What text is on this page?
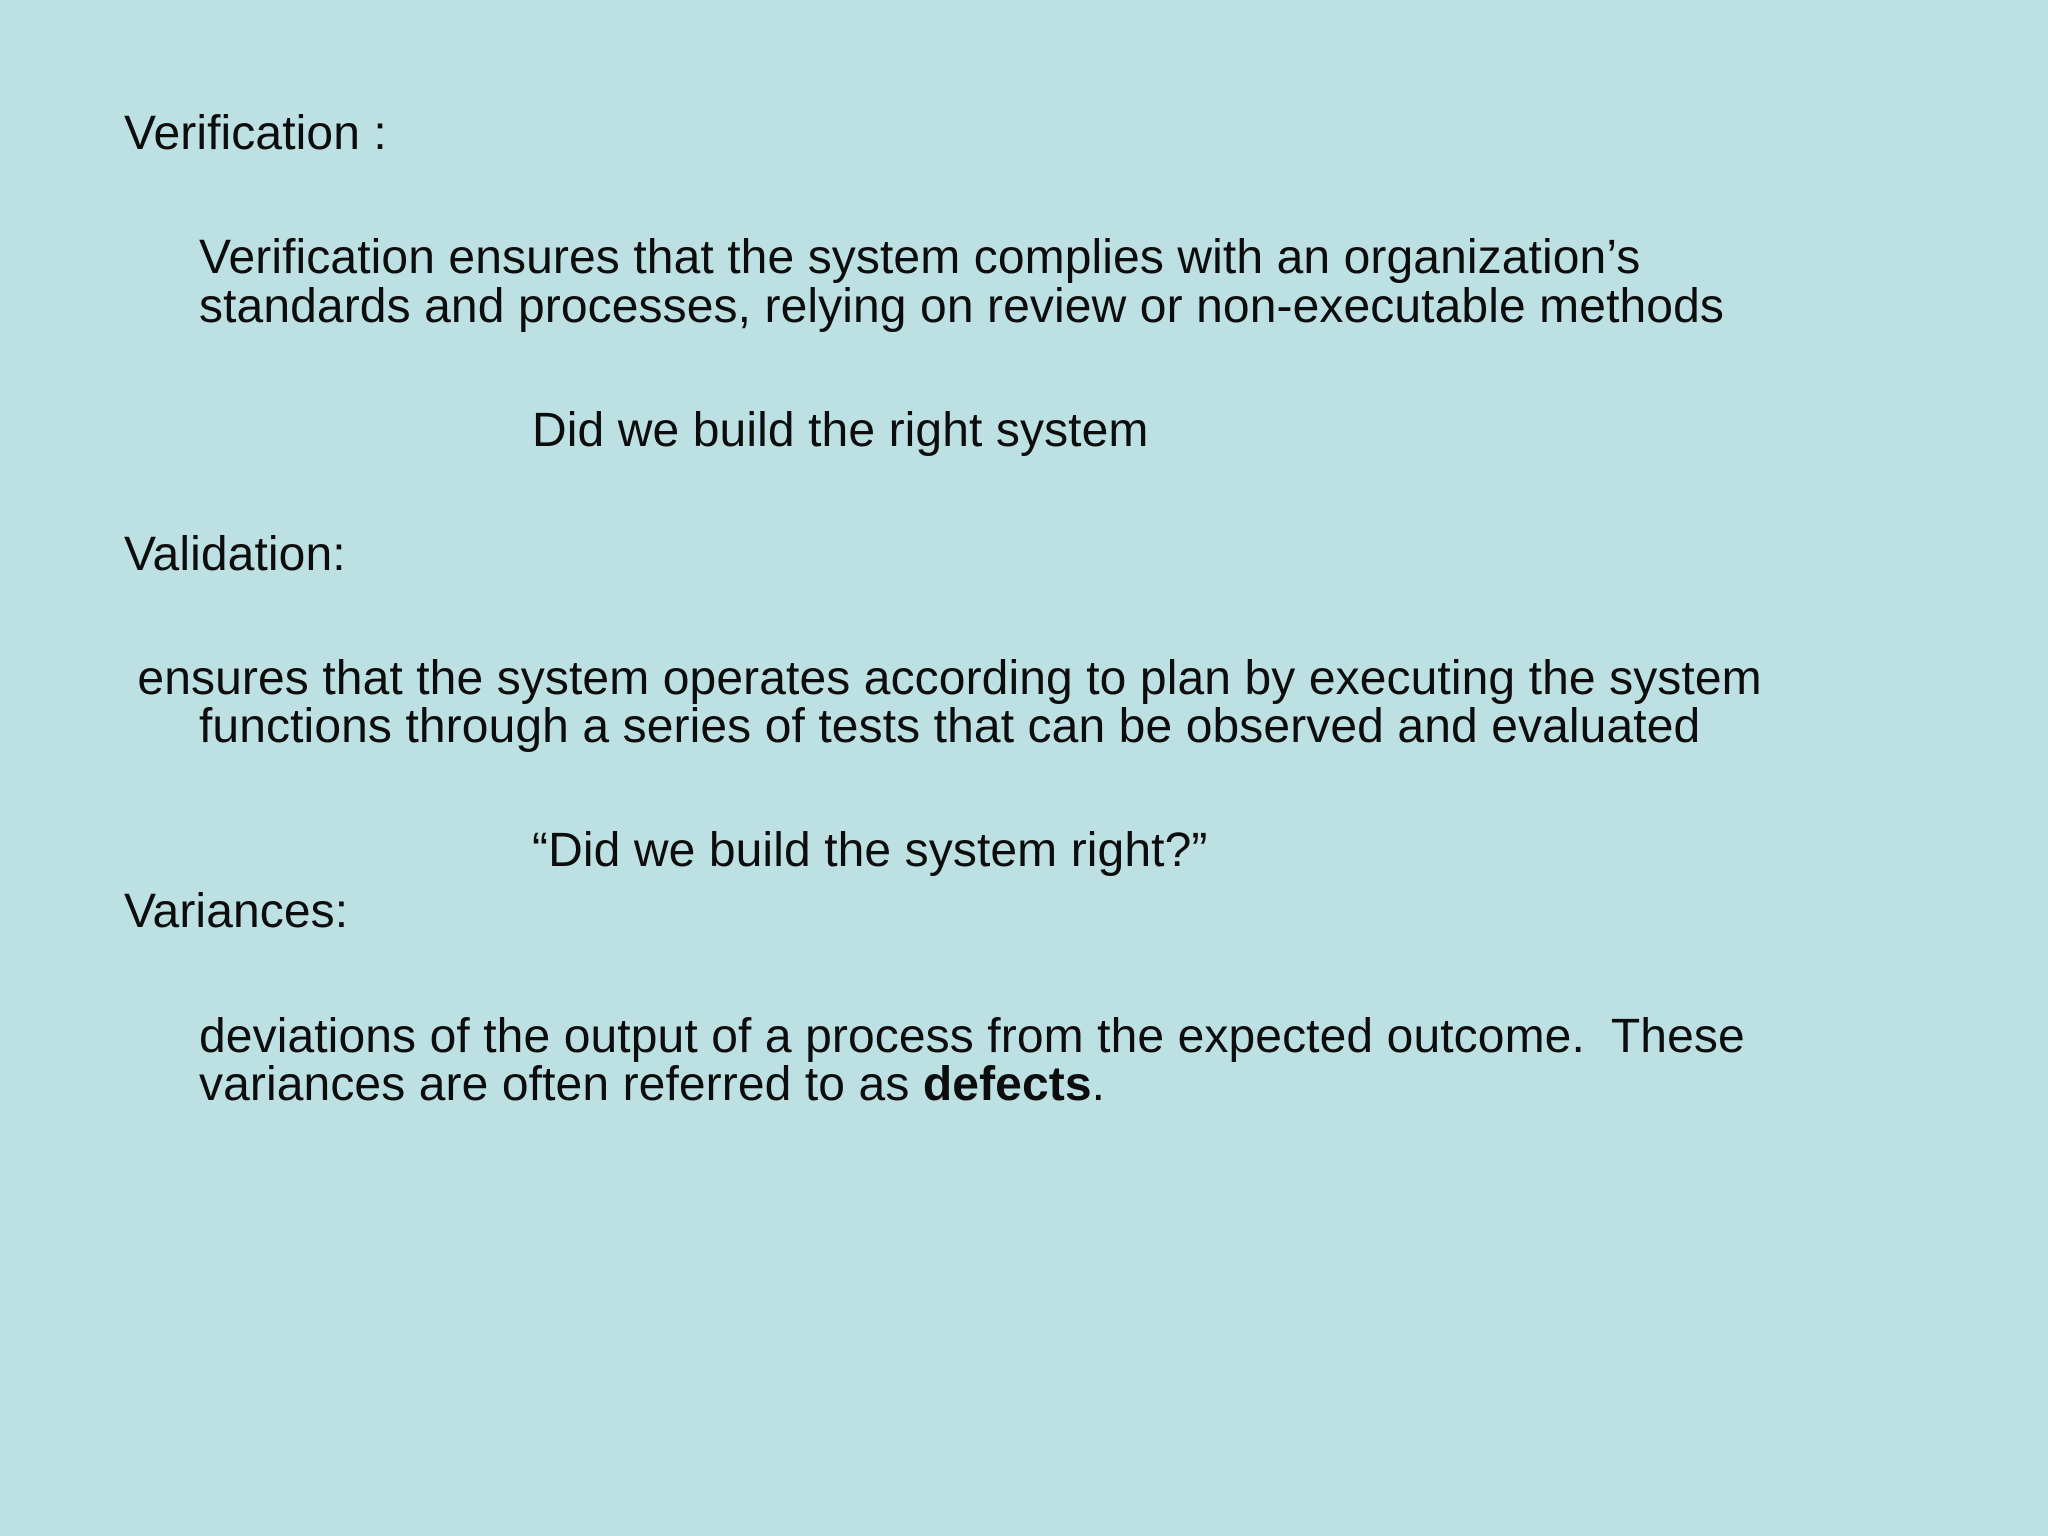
Verification :
Verification ensures that the system complies with an organization’s
standards and processes, relying on review or non-executable methods
Did we build the right system
Validation:
ensures that the system operates according to plan by executing the system
functions through a series of tests that can be observed and evaluated
“Did we build the system right?”
Variances:
deviations of the output of a process from the expected outcome.  These
variances are often referred to as defects.
